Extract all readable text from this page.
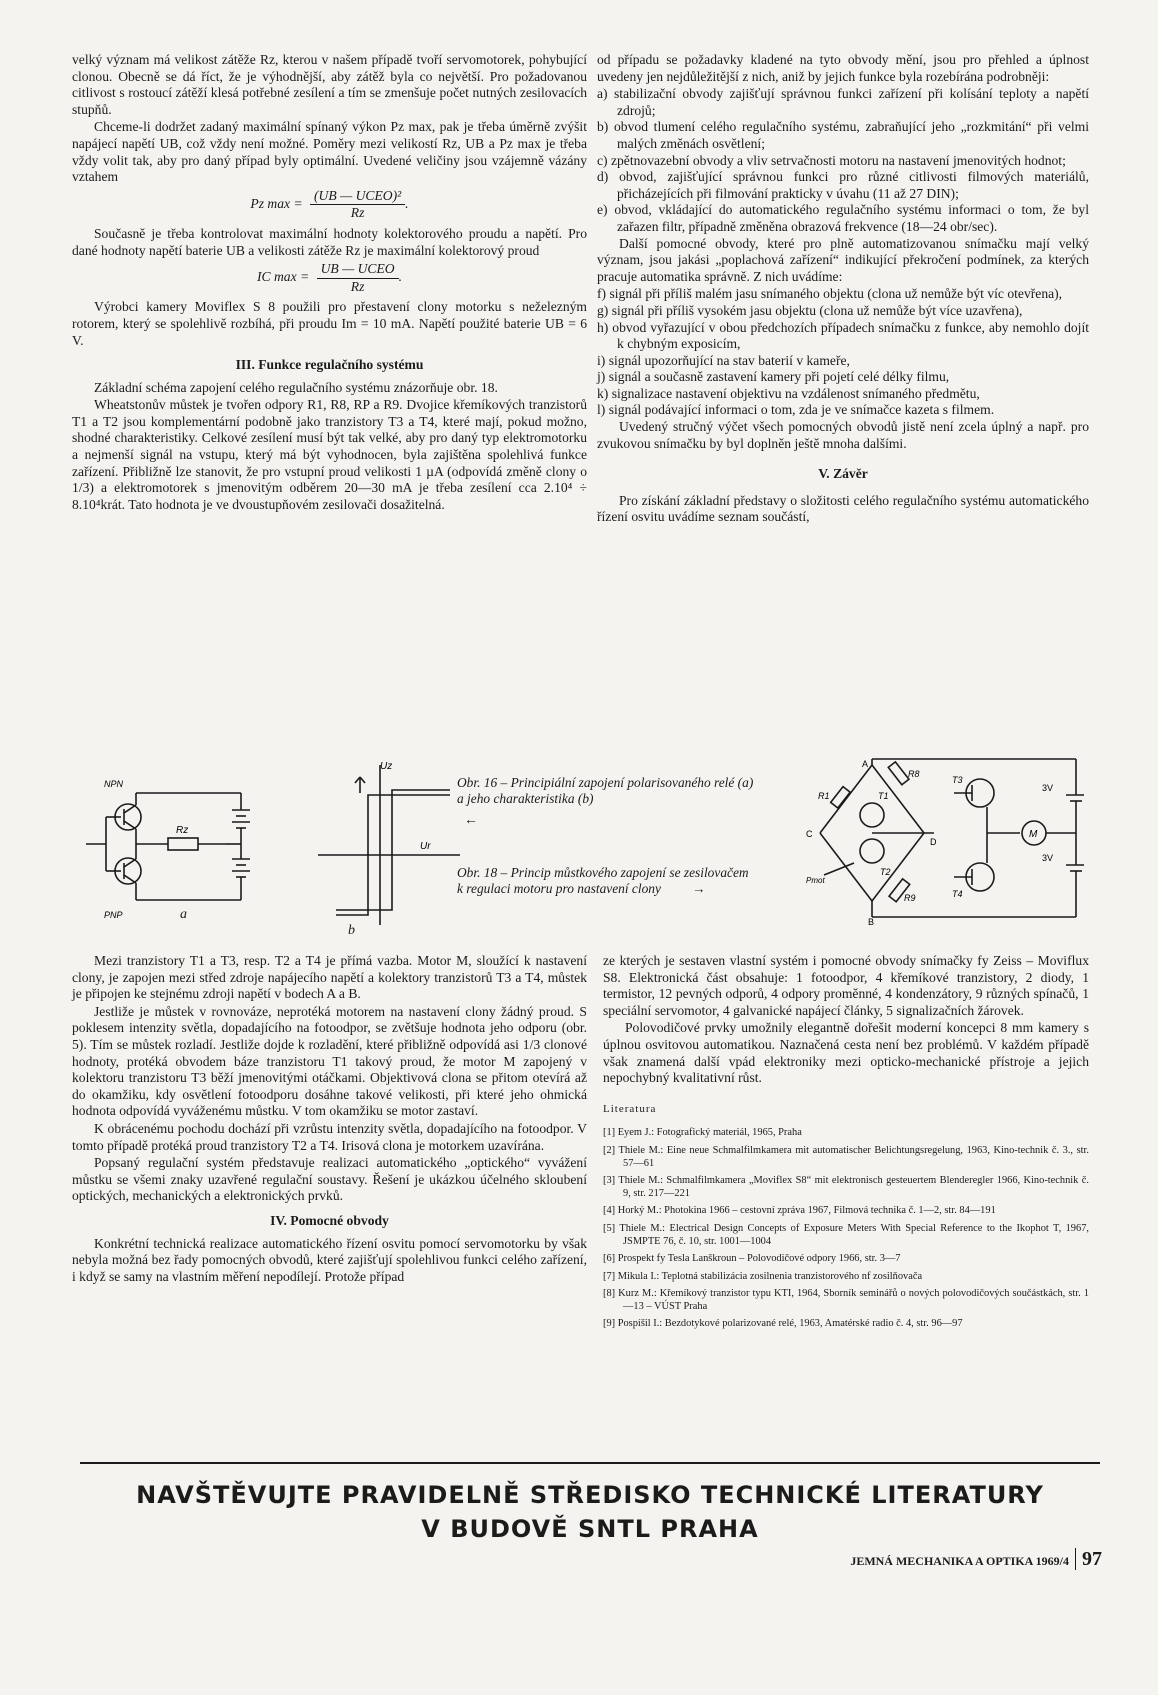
velký význam má velikost zátěže Rz, kterou v našem případě tvoří servomotorek, pohybující clonou. Obecně se dá říct, že je výhodnější, aby zátěž byla co největší. Pro požadovanou citlivost s rostoucí zátěží klesá potřebné zesílení a tím se zmenšuje počet nutných zesilovacích stupňů.

Chceme-li dodržet zadaný maximální spínaný výkon Pz max, pak je třeba úměrně zvýšit napájecí napětí UB, což vždy není možné. Poměry mezi velikostí Rz, UB a Pz max je třeba vždy volit tak, aby pro daný případ byly optimální. Uvedené veličiny jsou vzájemně vázány vztahem

Pz $\max = \frac{\text{(UB — UCEO)²}}{Rz}$ .

Současně je třeba kontrolovat maximální hodnoty kolektorového proudu a napětí. Pro dané hodnoty napětí baterie UB a velikosti zátěže Rz je maximální kolektorový proud

IC $\max = \frac{\text{UB — UCEO}}{Rz}$ .

Výrobci kamery Moviflex S 8 použili pro přestavení clony motorku s neželezným rotorem, který se spolehlivě rozbíhá, při proudu Im = 10 mA. Napětí použité baterie UB = 6 V.

III. Funkce regulačního systému

Základní schéma zapojení celého regulačního systému znázorňuje obr. 18.

Wheatstonův můstek je tvořen odpory R1, R8, RP a R9. Dvojice křemíkových tranzistorů T1 a T2 jsou komplementární podobně jako tranzistory T3 a T4, které mají, pokud možno, shodné charakteristiky. Celkové zesílení musí být tak velké, aby pro daný typ elektromotorku a nejmenší signál na vstupu, který má být vyhodnocen, byla zajištěna spolehlivá funkce zařízení. Přibližně lze stanovit, že pro vstupní proud velikosti 1 µA (odpovídá změně clony o 1/3) a elektromotorek s jmenovitým odběrem 20—30 mA je třeba zesílení cca 2.10⁴ ÷ 8.10⁴krát. Tato hodnota je ve dvoustupňovém zesilovači dosažitelná.

od případu se požadavky kladené na tyto obvody mění, jsou pro přehled a úplnost uvedeny jen nejdůležitější z nich, aniž by jejich funkce byla rozebírána podrobněji:

a) stabilizační obvody zajišťují správnou funkci zařízení při kolísání teploty a napětí zdrojů;
b) obvod tlumení celého regulačního systému, zabraňující jeho „rozkmitání“ při velmi malých změnách osvětlení;
c) zpětnovazební obvody a vliv setrvačnosti motoru na nastavení jmenovitých hodnot;
d) obvod, zajišťující správnou funkci pro různé citlivosti filmových materiálů, přicházejících při filmování prakticky v úvahu (11 až 27 DIN);
e) obvod, vkládající do automatického regulačního systému informaci o tom, že byl zařazen filtr, případně změněna obrazová frekvence (18—24 obr/sec).

Další pomocné obvody, které pro plně automatizovanou snímačku mají velký význam, jsou jakási „poplachová zařízení“ indikující překročení podmínek, za kterých pracuje automatika správně. Z nich uvádíme:

f) signál při příliš malém jasu snímaného objektu (clona už nemůže být víc otevřena),
g) signál při příliš vysokém jasu objektu (clona už nemůže být více uzavřena),
h) obvod vyřazující v obou předchozích případech snímačku z funkce, aby nemohlo dojít k chybným exposicím,
i) signál upozorňující na stav baterií v kameře,
j) signál a současně zastavení kamery při pojetí celé délky filmu,
k) signalizace nastavení objektivu na vzdálenost snímaného předmětu,
l) signál podávající informaci o tom, zda je ve snímačce kazeta s filmem.

Uvedený stručný výčet všech pomocných obvodů jistě není zcela úplný a např. pro zvukovou snímačku by byl doplněn ještě mnoha dalšími.

V. Závěr

Pro získání základní představy o složitosti celého regulačního systému automatického řízení osvitu uvádíme seznam součástí,

NPN
PNP
Rz
a
Uz
Ur
b
Obr. 16 – Principiální zapojení polarisovaného relé (a) a jeho charakteristika (b)
←
Obr. 18 – Princip můstkového zapojení se zesilovačem k regulaci motoru pro nastavení clony →
A
B
C
D
R1
R8
R9
T1
T2
T3
T4
M
Pmot
3V
3V

Mezi tranzistory T1 a T3, resp. T2 a T4 je přímá vazba. Motor M, sloužící k nastavení clony, je zapojen mezi střed zdroje napájecího napětí a kolektory tranzistorů T3 a T4, můstek je připojen ke stejnému zdroji napětí v bodech A a B.

Jestliže je můstek v rovnováze, neprotéká motorem na nastavení clony žádný proud. S poklesem intenzity světla, dopadajícího na fotoodpor, se zvětšuje hodnota jeho odporu (obr. 5). Tím se můstek rozladí. Jestliže dojde k rozladění, které přibližně odpovídá asi 1/3 clonové hodnoty, protéká obvodem báze tranzistoru T1 takový proud, že motor M zapojený v kolektoru tranzistoru T3 běží jmenovitými otáčkami. Objektivová clona se přitom otevírá až do okamžiku, kdy osvětlení fotoodporu dosáhne takové velikosti, při které jeho ohmická hodnota odpovídá vyváženému můstku. V tom okamžiku se motor zastaví.

K obrácenému pochodu dochází při vzrůstu intenzity světla, dopadajícího na fotoodpor. V tomto případě protéká proud tranzistory T2 a T4. Irisová clona je motorkem uzavírána.

Popsaný regulační systém představuje realizaci automatického „optického“ vyvážení můstku se všemi znaky uzavřené regulační soustavy. Řešení je ukázkou účelného skloubení optických, mechanických a elektronických prvků.

IV. Pomocné obvody

Konkrétní technická realizace automatického řízení osvitu pomocí servomotorku by však nebyla možná bez řady pomocných obvodů, které zajišťují spolehlivou funkci celého zařízení, i když se samy na vlastním měření nepodílejí. Protože případ

ze kterých je sestaven vlastní systém i pomocné obvody snímačky fy Zeiss – Moviflux S8. Elektronická část obsahuje: 1 fotoodpor, 4 křemíkové tranzistory, 2 diody, 1 termistor, 12 pevných odporů, 4 odpory proměnné, 4 kondenzátory, 9 různých spínačů, 1 speciální servomotor, 4 galvanické napájecí články, 5 signalizačních žárovek.

Polovodičové prvky umožnily elegantně dořešit moderní koncepci 8 mm kamery s úplnou osvitovou automatikou. Naznačená cesta není bez problémů. V každém případě však znamená další vpád elektroniky mezi opticko-mechanické přístroje a jejich nepochybný kvalitativní růst.

Literatura
[1] Eyem J.: Fotografický materiál, 1965, Praha
[2] Thiele M.: Eine neue Schmalfilmkamera mit automatischer Belichtungsregelung, 1963, Kino-technik č. 3., str. 57—61
[3] Thiele M.: Schmalfilmkamera „Moviflex S8“ mit elektronisch gesteuertem Blenderegler 1966, Kino-technik č. 9, str. 217—221
[4] Horký M.: Photokina 1966 – cestovní zpráva 1967, Filmová technika č. 1—2, str. 84—191
[5] Thiele M.: Electrical Design Concepts of Exposure Meters With Special Reference to the Ikophot T, 1967, JSMPTE 76, č. 10, str. 1001—1004
[6] Prospekt fy Tesla Lanškroun – Polovodičové odpory 1966, str. 3—7
[7] Mikula I.: Teplotná stabilizácia zosilnenia tranzistorového nf zosilňovača
[8] Kurz M.: Křemíkový tranzistor typu KTI, 1964, Sborník seminářů o nových polovodičových součástkách, str. 1—13 – VÚST Praha
[9] Pospíšil I.: Bezdotykové polarizované relé, 1963, Amatérské radio č. 4, str. 96—97
NAVŠTĚVUJTE PRAVIDELNĚ STŘEDISKO TECHNICKÉ LITERATURY
V BUDOVĚ SNTL PRAHA
JEMNÁ MECHANIKA A OPTIKA 1969/4 97
